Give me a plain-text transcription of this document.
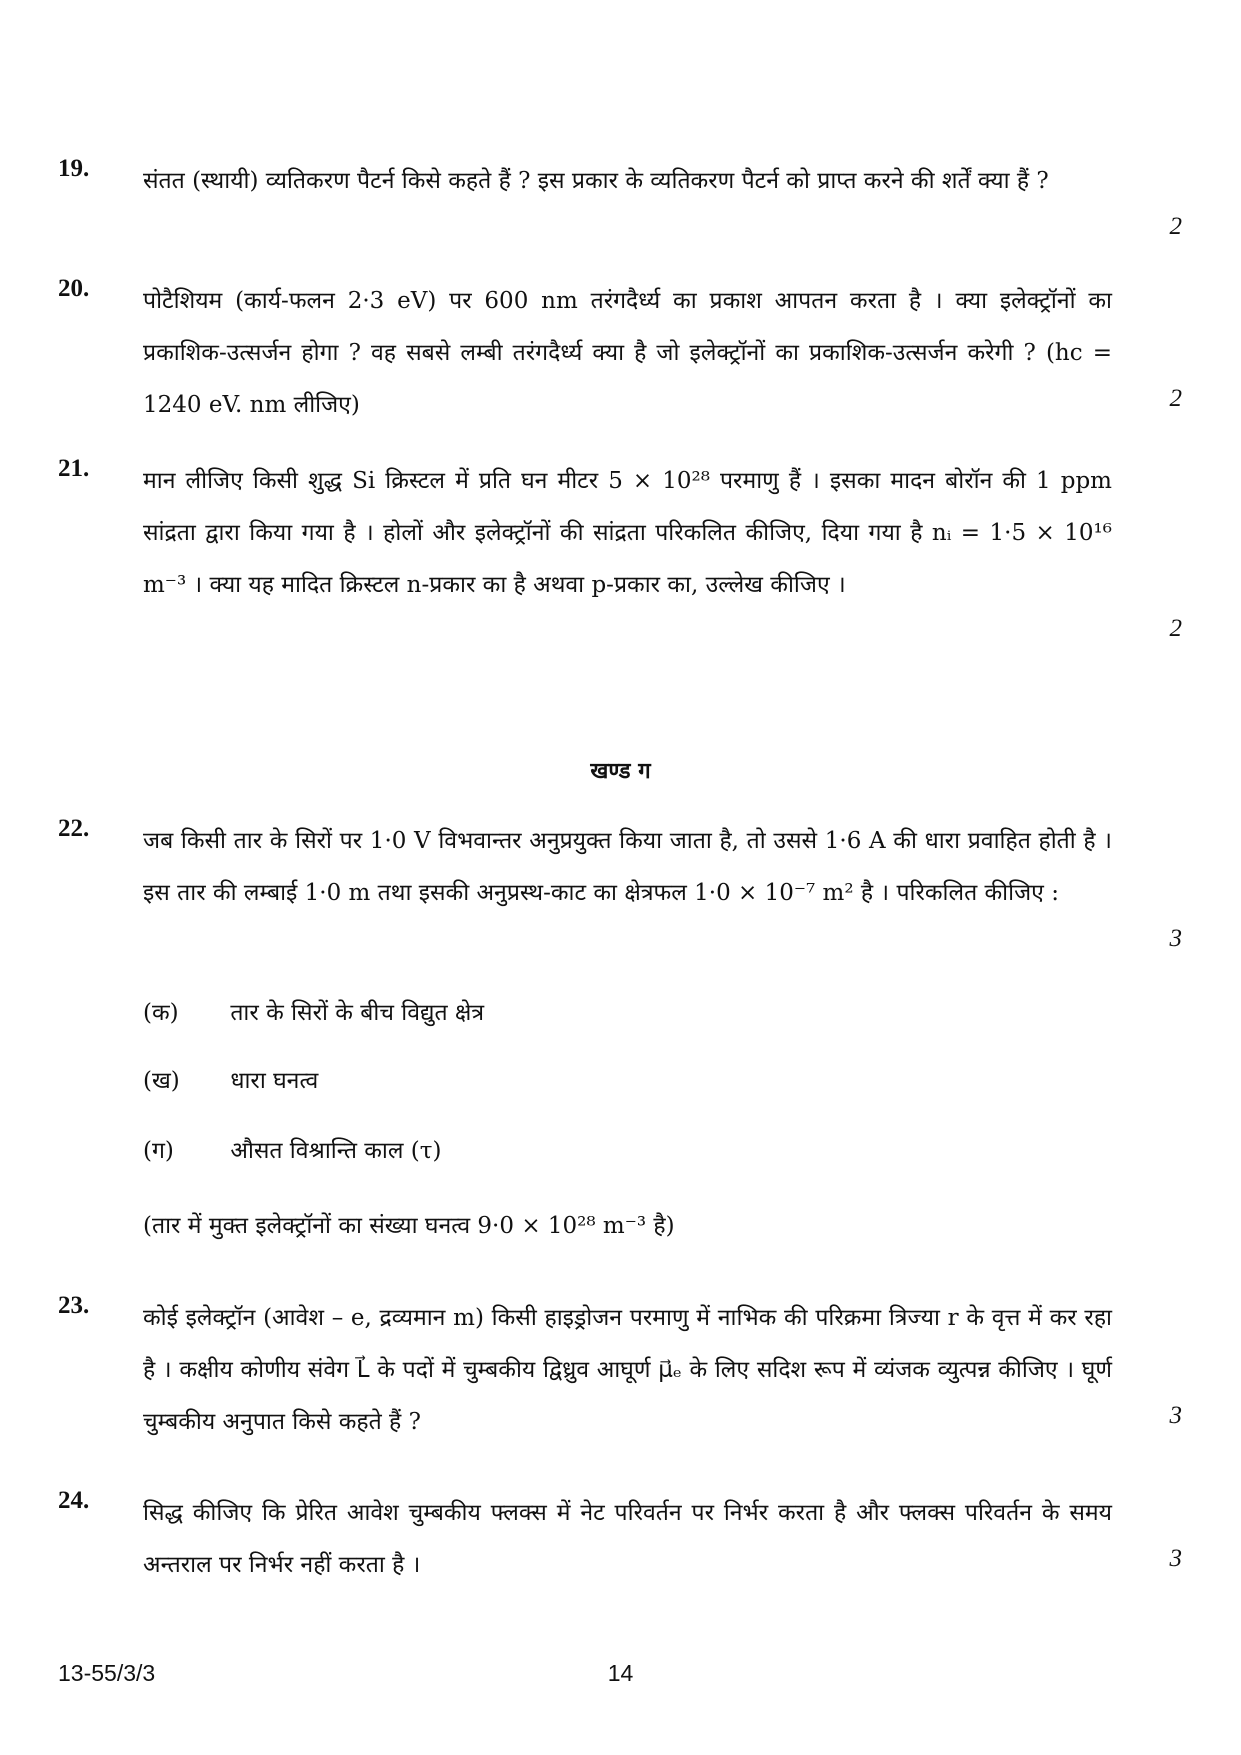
19. संतत (स्थायी) व्यतिकरण पैटर्न किसे कहते हैं ? इस प्रकार के व्यतिकरण पैटर्न को प्राप्त करने की शर्तें क्या हैं ?
2
20. पोटैशियम (कार्य-फलन 2·3 eV) पर 600 nm तरंगदैर्ध्य का प्रकाश आपतन करता है । क्या इलेक्ट्रॉनों का प्रकाशिक-उत्सर्जन होगा ? वह सबसे लम्बी तरंगदैर्ध्य क्या है जो इलेक्ट्रॉनों का प्रकाशिक-उत्सर्जन करेगी ? (hc = 1240 eV. nm लीजिए)	2
21. मान लीजिए किसी शुद्ध Si क्रिस्टल में प्रति घन मीटर 5 × 10²⁸ परमाणु हैं । इसका मादन बोरॉन की 1 ppm सांद्रता द्वारा किया गया है । होलों और इलेक्ट्रॉनों की सांद्रता परिकलित कीजिए, दिया गया है nᵢ = 1·5 × 10¹⁶ m⁻³ । क्या यह मादित क्रिस्टल n-प्रकार का है अथवा p-प्रकार का, उल्लेख कीजिए ।
2
खण्ड ग
22. जब किसी तार के सिरों पर 1·0 V विभवान्तर अनुप्रयुक्त किया जाता है, तो उससे 1·6 A की धारा प्रवाहित होती है । इस तार की लम्बाई 1·0 m तथा इसकी अनुप्रस्थ-काट का क्षेत्रफल 1·0 × 10⁻⁷ m² है । परिकलित कीजिए :
3
(क) तार के सिरों के बीच विद्युत क्षेत्र
(ख) धारा घनत्व
(ग) औसत विश्रान्ति काल (τ)
(तार में मुक्त इलेक्ट्रॉनों का संख्या घनत्व 9·0 × 10²⁸ m⁻³ है)
23. कोई इलेक्ट्रॉन (आवेश – e, द्रव्यमान m) किसी हाइड्रोजन परमाणु में नाभिक की परिक्रमा त्रिज्या r के वृत्त में कर रहा है । कक्षीय कोणीय संवेग L⃗ के पदों में चुम्बकीय द्विध्रुव आघूर्ण μ⃗ₑ के लिए सदिश रूप में व्यंजक व्युत्पन्न कीजिए । घूर्ण चुम्बकीय अनुपात किसे कहते हैं ?	3
24. सिद्ध कीजिए कि प्रेरित आवेश चुम्बकीय फ्लक्स में नेट परिवर्तन पर निर्भर करता है और फ्लक्स परिवर्तन के समय अन्तराल पर निर्भर नहीं करता है ।	3
13-55/3/3	14
